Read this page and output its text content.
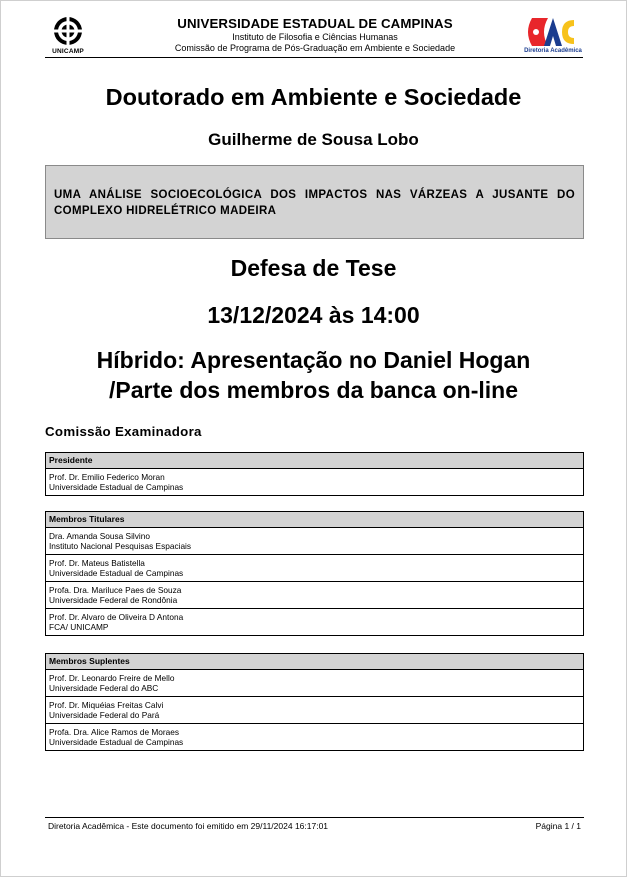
UNICAMP
UNIVERSIDADE ESTADUAL DE CAMPINAS
Instituto de Filosofia e Ciências Humanas
Comissão de Programa de Pós-Graduação em Ambiente e Sociedade	Diretoria Acadêmica
Doutorado em Ambiente e Sociedade
Guilherme de Sousa Lobo
UMA ANÁLISE SOCIOECOLÓGICA DOS IMPACTOS NAS VÁRZEAS A JUSANTE DO COMPLEXO HIDRELÉTRICO MADEIRA
Defesa de Tese
13/12/2024 às 14:00
Híbrido: Apresentação no Daniel Hogan
/Parte dos membros da banca on-line
Comissão Examinadora
Presidente

Prof. Dr. Emilio Federico Moran
Universidade Estadual de Campinas
Membros Titulares

Dra. Amanda Sousa Silvino
Instituto Nacional Pesquisas Espaciais

Prof. Dr. Mateus Batistella
Universidade Estadual de Campinas

Profa. Dra. Mariluce Paes de Souza
Universidade Federal de Rondônia

Prof. Dr. Alvaro de Oliveira D Antona
FCA/ UNICAMP
Membros Suplentes

Prof. Dr. Leonardo Freire de Mello
Universidade Federal do ABC

Prof. Dr. Miquéias Freitas Calvi
Universidade Federal do Pará

Profa. Dra. Alice Ramos de Moraes
Universidade Estadual de Campinas
Diretoria Acadêmica - Este documento foi emitido em 29/11/2024 16:17:01	Página 1 / 1
